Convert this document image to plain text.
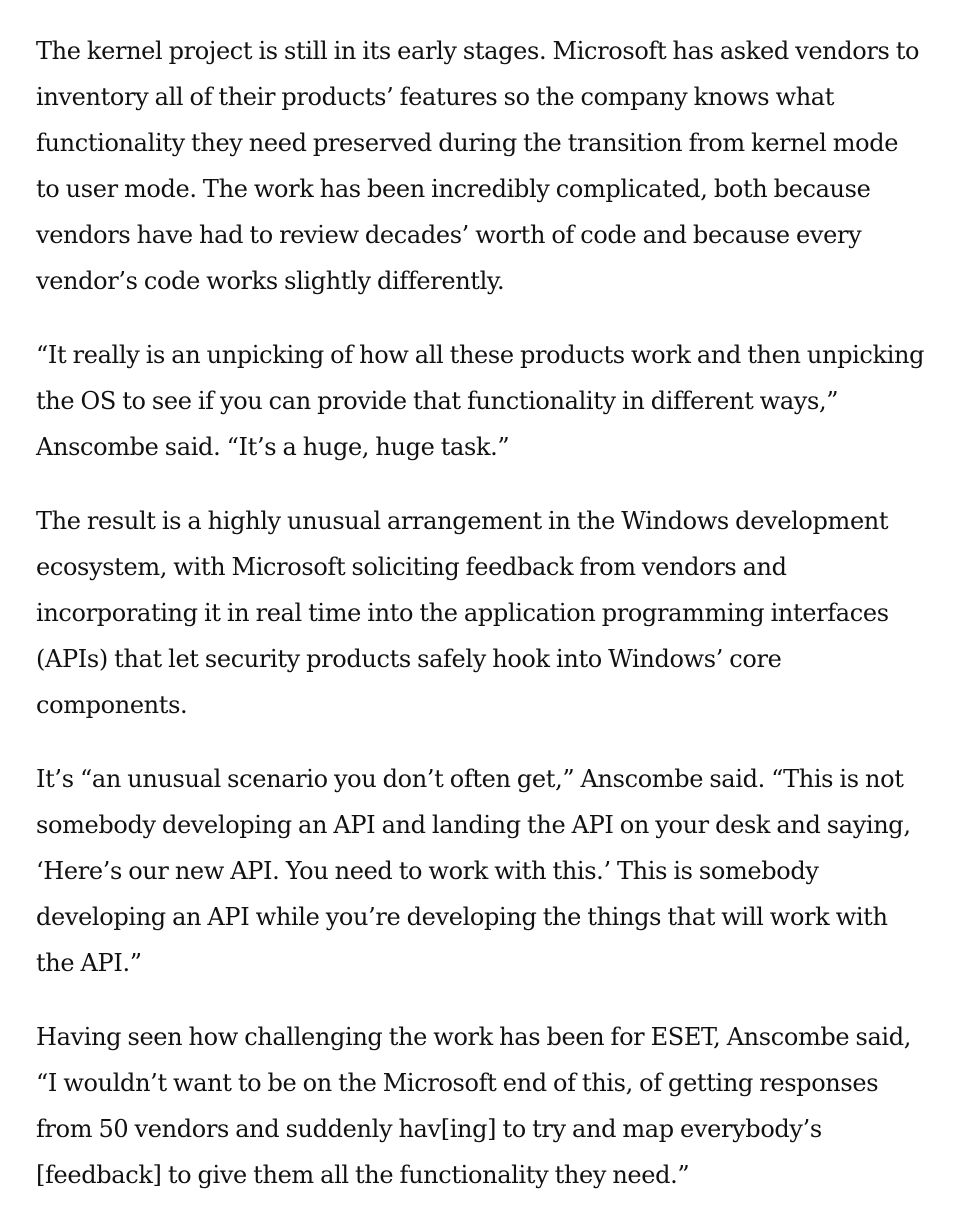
The kernel project is still in its early stages. Microsoft has asked vendors to inventory all of their products’ features so the company knows what functionality they need preserved during the transition from kernel mode to user mode. The work has been incredibly complicated, both because vendors have had to review decades’ worth of code and because every vendor’s code works slightly differently.

“It really is an unpicking of how all these products work and then unpicking the OS to see if you can provide that functionality in different ways,” Anscombe said. “It’s a huge, huge task.”

The result is a highly unusual arrangement in the Windows development ecosystem, with Microsoft soliciting feedback from vendors and incorporating it in real time into the application programming interfaces (APIs) that let security products safely hook into Windows’ core components.

It’s “an unusual scenario you don’t often get,” Anscombe said. “This is not somebody developing an API and landing the API on your desk and saying, ‘Here’s our new API. You need to work with this.’ This is somebody developing an API while you’re developing the things that will work with the API.”

Having seen how challenging the work has been for ESET, Anscombe said, “I wouldn’t want to be on the Microsoft end of this, of getting responses from 50 vendors and suddenly hav[ing] to try and map everybody’s [feedback] to give them all the functionality they need.”
